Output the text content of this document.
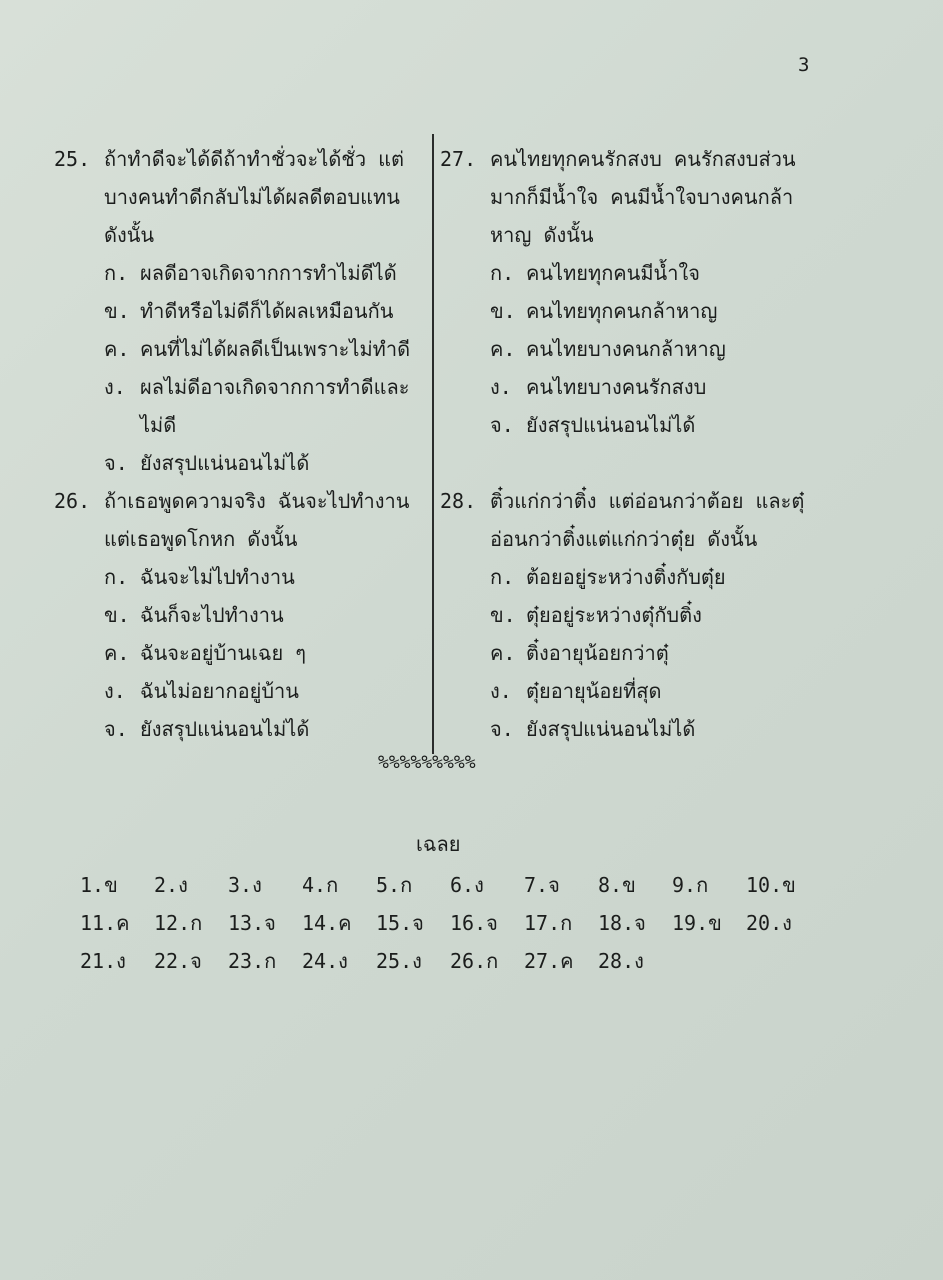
3
25. ถ้าทำดีจะได้ดีถ้าทำชั่วจะได้ชั่ว แต่บางคนทำดีกลับไม่ได้ผลดีตอบแทน ดังนั้น
ก. ผลดีอาจเกิดจากการทำไม่ดีได้
ข. ทำดีหรือไม่ดีก็ได้ผลเหมือนกัน
ค. คนที่ไม่ได้ผลดีเป็นเพราะไม่ทำดี
ง. ผลไม่ดีอาจเกิดจากการทำดีและไม่ดี
จ. ยังสรุปแน่นอนไม่ได้
26. ถ้าเธอพูดความจริง ฉันจะไปทำงาน แต่เธอพูดโกหก ดังนั้น
ก. ฉันจะไม่ไปทำงาน
ข. ฉันก็จะไปทำงาน
ค. ฉันจะอยู่บ้านเฉย ๆ
ง. ฉันไม่อยากอยู่บ้าน
จ. ยังสรุปแน่นอนไม่ได้
27. คนไทยทุกคนรักสงบ คนรักสงบส่วนมากก็มีน้ำใจ คนมีน้ำใจบางคนกล้าหาญ ดังนั้น
ก. คนไทยทุกคนมีน้ำใจ
ข. คนไทยทุกคนกล้าหาญ
ค. คนไทยบางคนกล้าหาญ
ง. คนไทยบางคนรักสงบ
จ. ยังสรุปแน่นอนไม่ได้
28. ติ๋วแก่กว่าติ๋ง แต่อ่อนกว่าต้อย และตุ๋อ่อนกว่าติ๋งแต่แก่กว่าตุ๋ย ดังนั้น
ก. ต้อยอยู่ระหว่างติ๋งกับตุ๋ย
ข. ตุ๋ยอยู่ระหว่างตุ๋กับติ๋ง
ค. ติ๋งอายุน้อยกว่าตุ๋
ง. ตุ๋ยอายุน้อยที่สุด
จ. ยังสรุปแน่นอนไม่ได้
%%%%%%%%%
เฉลย
1.ข	2.ง	3.ง	4.ก	5.ก	6.ง	7.จ	8.ข	9.ก	10.ข
11.ค	12.ก	13.จ	14.ค	15.จ	16.จ	17.ก	18.จ	19.ข	20.ง
21.ง	22.จ	23.ก	24.ง	25.ง	26.ก	27.ค	28.ง
